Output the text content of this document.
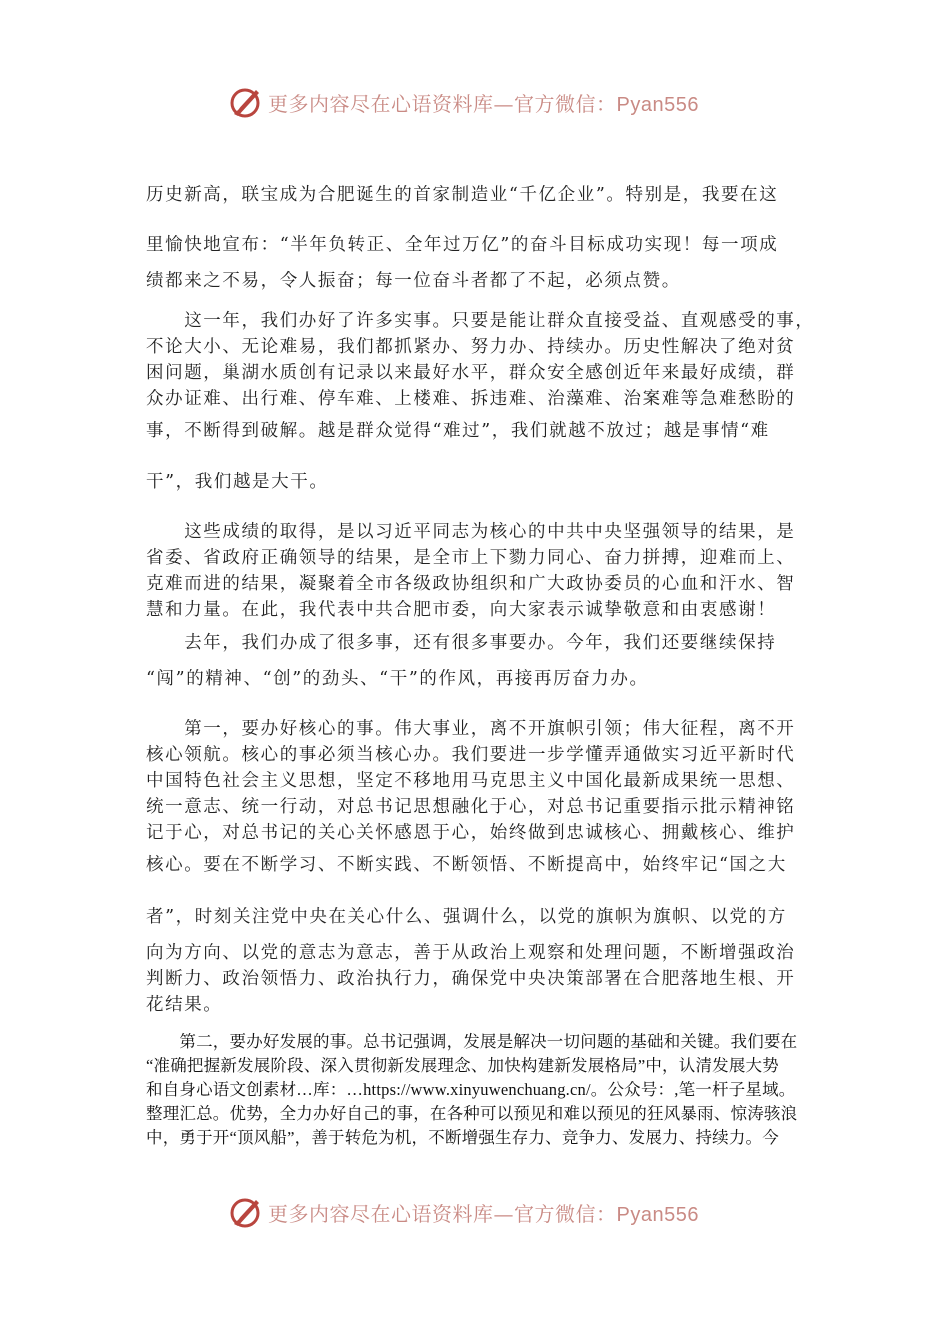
更多内容尽在心语资料库—官方微信：Pyan556
历史新高，联宝成为合肥诞生的首家制造业“千亿企业”。特别是，我要在这
里愉快地宣布：“半年负转正、全年过万亿”的奋斗目标成功实现！每一项成
绩都来之不易，令人振奋；每一位奋斗者都了不起，必须点赞。
　　这一年，我们办好了许多实事。只要是能让群众直接受益、直观感受的事，
不论大小、无论难易，我们都抓紧办、努力办、持续办。历史性解决了绝对贫
困问题，巢湖水质创有记录以来最好水平，群众安全感创近年来最好成绩，群
众办证难、出行难、停车难、上楼难、拆违难、治藻难、治案难等急难愁盼的
事，不断得到破解。越是群众觉得“难过”，我们就越不放过；越是事情“难
干”，我们越是大干。
　　这些成绩的取得，是以习近平同志为核心的中共中央坚强领导的结果，是
省委、省政府正确领导的结果，是全市上下勠力同心、奋力拼搏，迎难而上、
克难而进的结果，凝聚着全市各级政协组织和广大政协委员的心血和汗水、智
慧和力量。在此，我代表中共合肥市委，向大家表示诚挚敬意和由衷感谢！
　　去年，我们办成了很多事，还有很多事要办。今年，我们还要继续保持
“闯”的精神、“创”的劲头、“干”的作风，再接再厉奋力办。
　　第一，要办好核心的事。伟大事业，离不开旗帜引领；伟大征程，离不开
核心领航。核心的事必须当核心办。我们要进一步学懂弄通做实习近平新时代
中国特色社会主义思想，坚定不移地用马克思主义中国化最新成果统一思想、
统一意志、统一行动，对总书记思想融化于心，对总书记重要指示批示精神铭
记于心，对总书记的关心关怀感恩于心，始终做到忠诚核心、拥戴核心、维护
核心。要在不断学习、不断实践、不断领悟、不断提高中，始终牢记“国之大
者”，时刻关注党中央在关心什么、强调什么，以党的旗帜为旗帜、以党的方
向为方向、以党的意志为意志，善于从政治上观察和处理问题，不断增强政治
判断力、政治领悟力、政治执行力，确保党中央决策部署在合肥落地生根、开
花结果。
　　第二，要办好发展的事。总书记强调，发展是解决一切问题的基础和关键。我们要在
“准确把握新发展阶段、深入贯彻新发展理念、加快构建新发展格局”中，认清发展大势
和自身心语文创素材…库：…https://www.xinyuwenchuang.cn/。公众号：,笔一杆子星域。
整理汇总。优势，全力办好自己的事，在各种可以预见和难以预见的狂风暴雨、惊涛骇浪
中，勇于开“顶风船”，善于转危为机，不断增强生存力、竞争力、发展力、持续力。今
更多内容尽在心语资料库—官方微信：Pyan556
